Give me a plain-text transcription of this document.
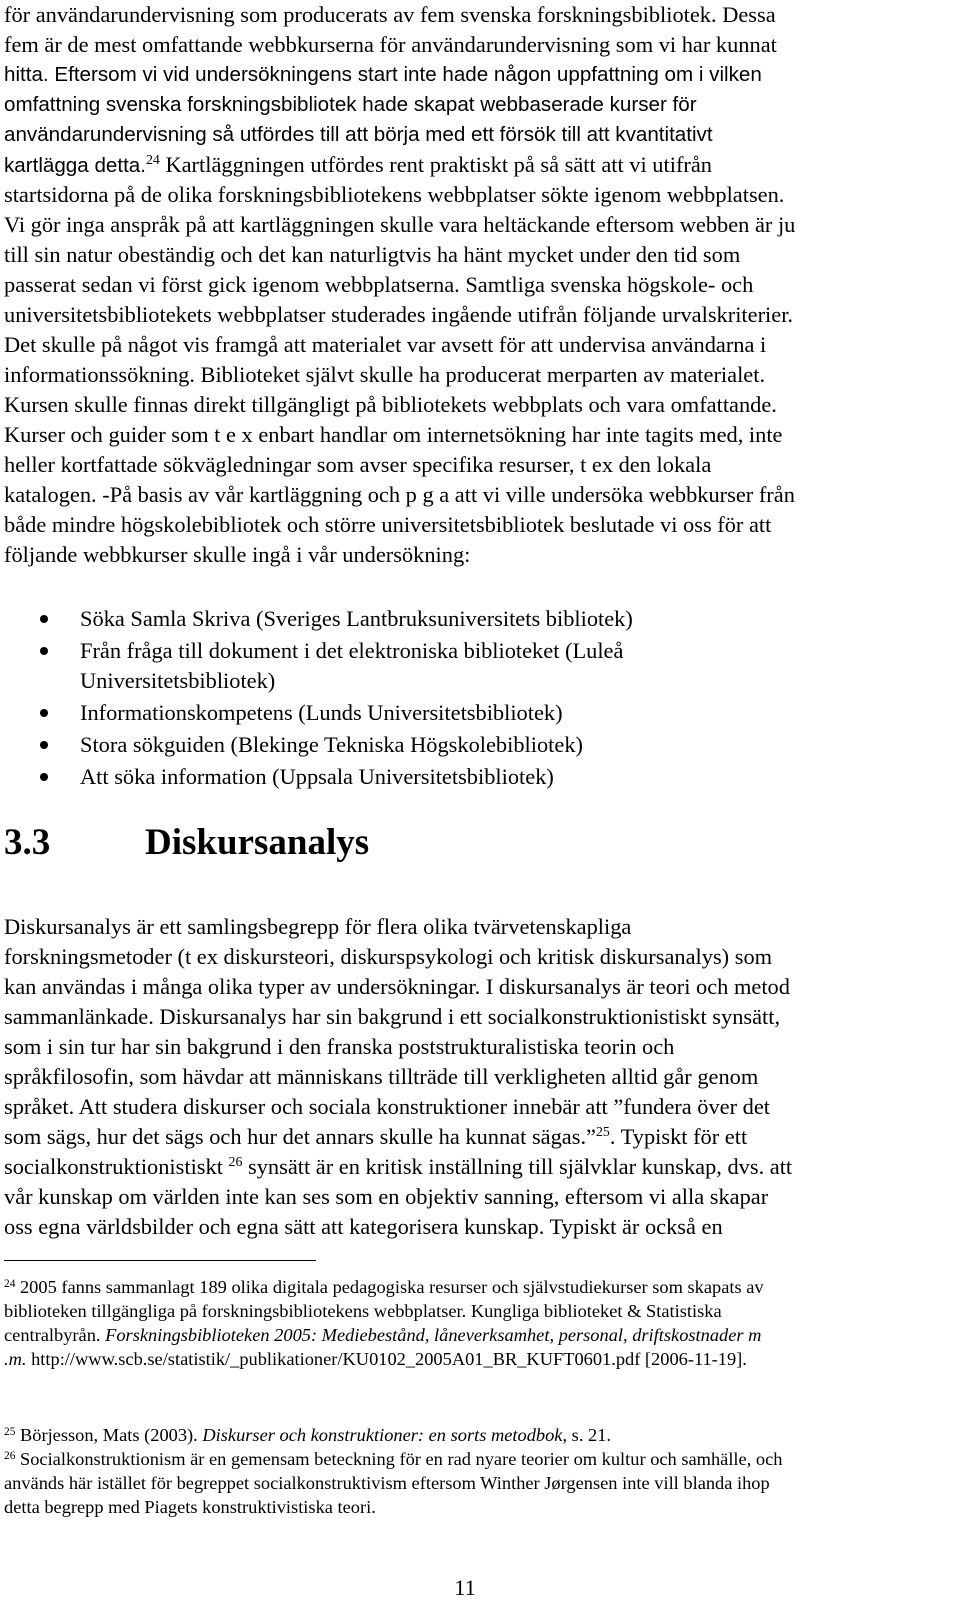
för användarundervisning som producerats av fem svenska forskningsbibliotek. Dessa
fem är de mest omfattande webbkurserna för användarundervisning som vi har kunnat
hitta. Eftersom vi vid undersökningens start inte hade någon uppfattning om i vilken
omfattning svenska forskningsbibliotek hade skapat webbaserade kurser för
användarundervisning så utfördes till att börja med ett försök till att kvantitativt
kartlägga detta.$^{24}$ Kartläggningen utfördes rent praktiskt på så sätt att vi utifrån
startsidorna på de olika forskningsbibliotekens webbplatser sökte igenom webbplatsen.
Vi gör inga anspråk på att kartläggningen skulle vara heltäckande eftersom webben är ju
till sin natur obeständig och det kan naturligtvis ha hänt mycket under den tid som
passerat sedan vi först gick igenom webbplatserna. Samtliga svenska högskole- och
universitetsbibliotekets webbplatser studerades ingående utifrån följande urvalskriterier.
Det skulle på något vis framgå att materialet var avsett för att undervisa användarna i
informationssökning. Biblioteket självt skulle ha producerat merparten av materialet.
Kursen skulle finnas direkt tillgängligt på bibliotekets webbplats och vara omfattande.
Kurser och guider som t e x enbart handlar om internetsökning har inte tagits med, inte
heller kortfattade sökvägledningar som avser specifika resurser, t ex den lokala
katalogen. -På basis av vår kartläggning och p g a att vi ville undersöka webbkurser från
både mindre högskolebibliotek och större universitetsbibliotek beslutade vi oss för att
följande webbkurser skulle ingå i vår undersökning:
Söka Samla Skriva (Sveriges Lantbruksuniversitets bibliotek)
Från fråga till dokument i det elektroniska biblioteket (Luleå
Universitetsbibliotek)
Informationskompetens (Lunds Universitetsbibliotek)
Stora sökguiden (Blekinge Tekniska Högskolebibliotek)
Att söka information (Uppsala Universitetsbibliotek)
3.3	Diskursanalys
Diskursanalys är ett samlingsbegrepp för flera olika tvärvetenskapliga
forskningsmetoder (t ex diskursteori, diskurspsykologi och kritisk diskursanalys) som
kan användas i många olika typer av undersökningar. I diskursanalys är teori och metod
sammanlänkade. Diskursanalys har sin bakgrund i ett socialkonstruktionistiskt synsätt,
som i sin tur har sin bakgrund i den franska poststrukturalistiska teorin och
språkfilosofin, som hävdar att människans tillträde till verkligheten alltid går genom
språket. Att studera diskurser och sociala konstruktioner innebär att ”fundera över det
som sägs, hur det sägs och hur det annars skulle ha kunnat sägas.”$^{25}$. Typiskt för ett
socialkonstruktionistiskt $^{26}$ synsätt är en kritisk inställning till självklar kunskap, dvs. att
vår kunskap om världen inte kan ses som en objektiv sanning, eftersom vi alla skapar
oss egna världsbilder och egna sätt att kategorisera kunskap. Typiskt är också en
$^{24}$ 2005 fanns sammanlagt 189 olika digitala pedagogiska resurser och självstudiekurser som skapats av
biblioteken tillgängliga på forskningsbibliotekens webbplatser. Kungliga biblioteket & Statistiska
centralbyrån. Forskningsbiblioteken 2005: Mediebestånd, låneverksamhet, personal, driftskostnader m
.m. http://www.scb.se/statistik/_publikationer/KU0102_2005A01_BR_KUFT0601.pdf [2006-11-19].
$^{25}$ Börjesson, Mats (2003). Diskurser och konstruktioner: en sorts metodbok, s. 21.
$^{26}$ Socialkonstruktionism är en gemensam beteckning för en rad nyare teorier om kultur och samhälle, och
används här istället för begreppet socialkonstruktivism eftersom Winther Jørgensen inte vill blanda ihop
detta begrepp med Piagets konstruktivistiska teori.
11
